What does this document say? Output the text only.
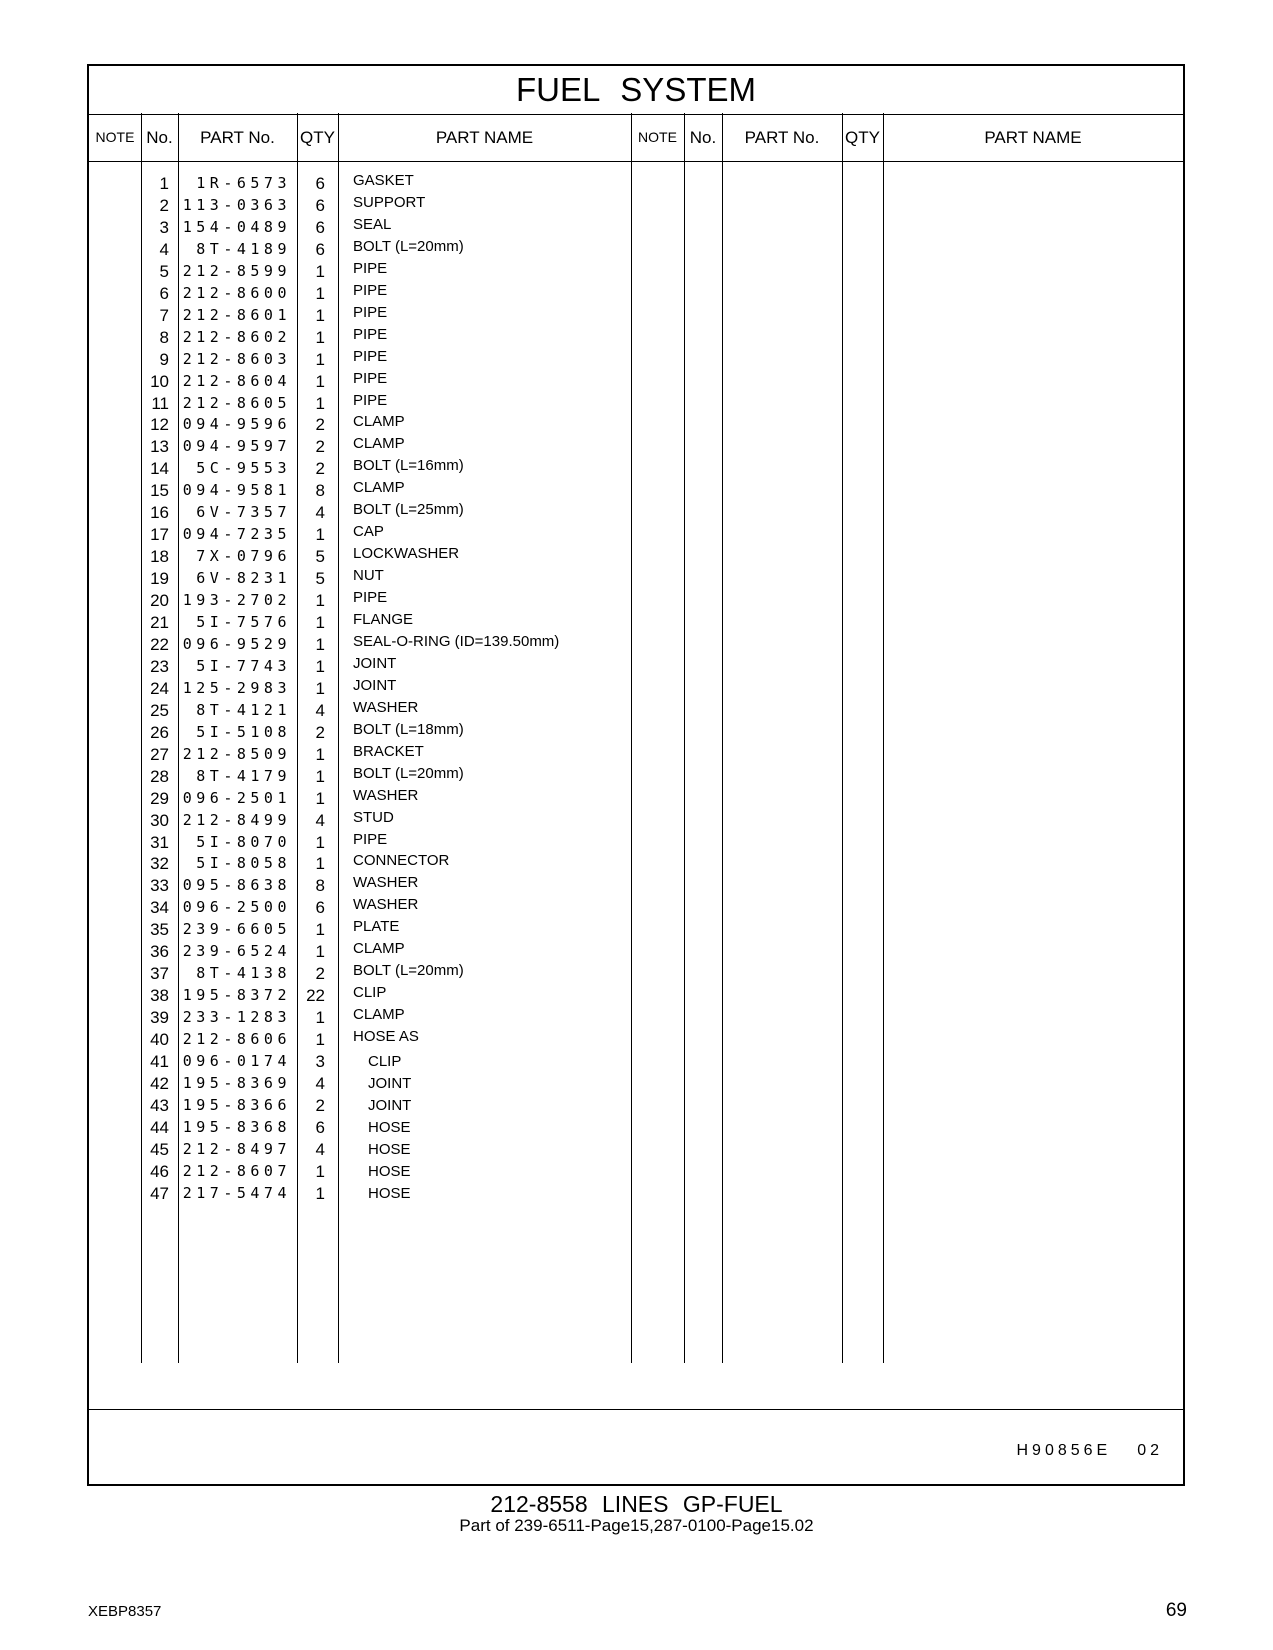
FUEL SYSTEM
NOTE No.	PART No.	QTY	PART NAME	NOTE No.	PART No.	QTY	PART NAME
1	1R-6573	6 GASKET
2 113-0363	6 SUPPORT
3 154-0489	6 SEAL
4	8T-4189	6 BOLT (L=20mm)
5 212-8599	1 PIPE
6 212-8600	1 PIPE
7 212-8601	1 PIPE
8 212-8602	1 PIPE
9 212-8603	1 PIPE
10 212-8604	1 PIPE
11 212-8605	1 PIPE
12 094-9596	2 CLAMP
13 094-9597	2 CLAMP
14	5C-9553	2 BOLT (L=16mm)
15 094-9581	8 CLAMP
16	6V-7357	4 BOLT (L=25mm)
17 094-7235	1 CAP
18	7X-0796	5 LOCKWASHER
19	6V-8231	5 NUT
20 193-2702	1 PIPE
21	5I-7576	1 FLANGE
22 096-9529	1 SEAL-O-RING (ID=139.50mm)
23	5I-7743	1 JOINT
24 125-2983	1 JOINT
25	8T-4121	4 WASHER
26	5I-5108	2 BOLT (L=18mm)
27 212-8509	1 BRACKET
28	8T-4179	1 BOLT (L=20mm)
29 096-2501	1 WASHER
30 212-8499	4 STUD
31	5I-8070	1 PIPE
32	5I-8058	1 CONNECTOR
33 095-8638	8 WASHER
34 096-2500	6 WASHER
35 239-6605	1 PLATE
36 239-6524	1 CLAMP
37	8T-4138	2 BOLT (L=20mm)
38 195-8372 22 CLIP
39 233-1283	1 CLAMP
40 212-8606	1 HOSE AS
41 096-0174	3	CLIP
42 195-8369	4	JOINT
43 195-8366	2	JOINT
44 195-8368	6	HOSE
45 212-8497	4	HOSE
46 212-8607	1	HOSE
47 217-5474	1	HOSE
H90856E 02
212-8558 LINES GP-FUEL
Part of 239-6511-Page15,287-0100-Page15.02
XEBP8357	69
